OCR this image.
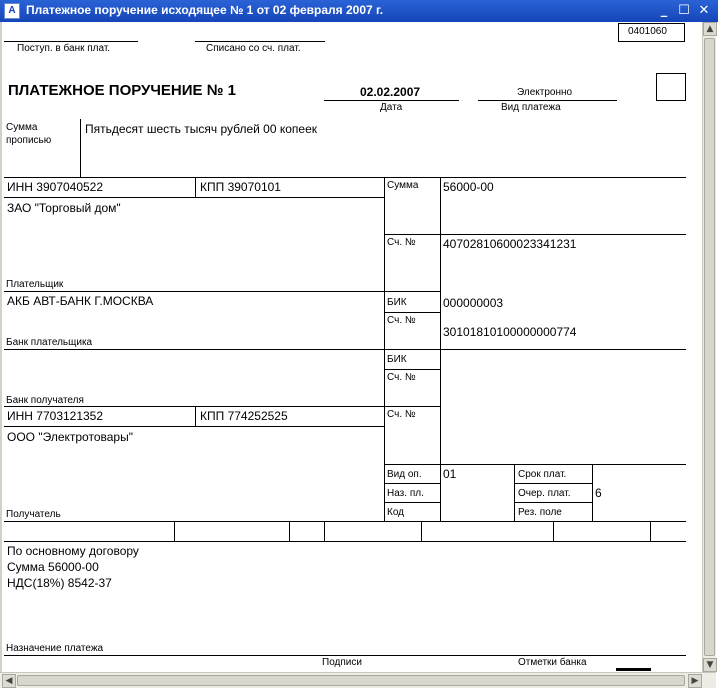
A Платежное поручение исходящее № 1 от 02 февраля 2007 г.	_ ☐ ✕
Поступ. в банк плат.	Списано со сч. плат.
0401060
ПЛАТЕЖНОЕ ПОРУЧЕНИЕ № 1	02.02.2007
Дата
Электронно
Вид платежа
Сумма
прописью
Пятьдесят шесть тысяч рублей 00 копеек
ИНН 3907040522	КПП 39070101
ЗАО "Торговый дом"
Плательщик
Сумма 56000-00
Сч. № 40702810600023341231
АКБ АВТ-БАНК Г.МОСКВА
Банк плательщика
БИК	000000003
Сч. №
30101810100000000774
Банк получателя
БИК
Сч. №
ИНН 7703121352	КПП 774252525	Сч. №
ООО "Электротовары"
Получатель
Вид оп. 01
Наз. пл.
Код
Срок плат.
Очер. плат. 6
Рез. поле
По основному договору
Сумма 56000-00
НДС(18%) 8542-37
Назначение платежа
Подписи	Отметки банка
▲
▼
◀	▶
